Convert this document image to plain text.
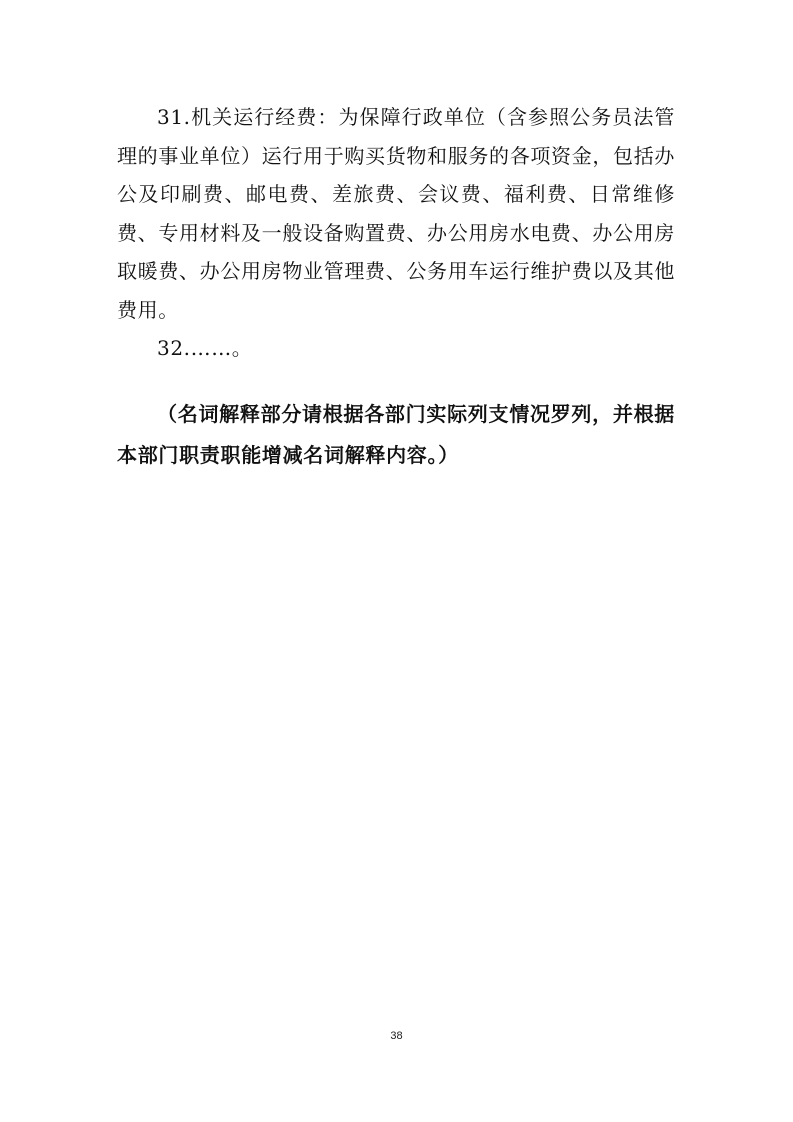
31.机关运行经费：为保障行政单位（含参照公务员法管理的事业单位）运行用于购买货物和服务的各项资金，包括办公及印刷费、邮电费、差旅费、会议费、福利费、日常维修费、专用材料及一般设备购置费、办公用房水电费、办公用房取暖费、办公用房物业管理费、公务用车运行维护费以及其他费用。

32.……。

（名词解释部分请根据各部门实际列支情况罗列，并根据本部门职责职能增减名词解释内容。）

38
